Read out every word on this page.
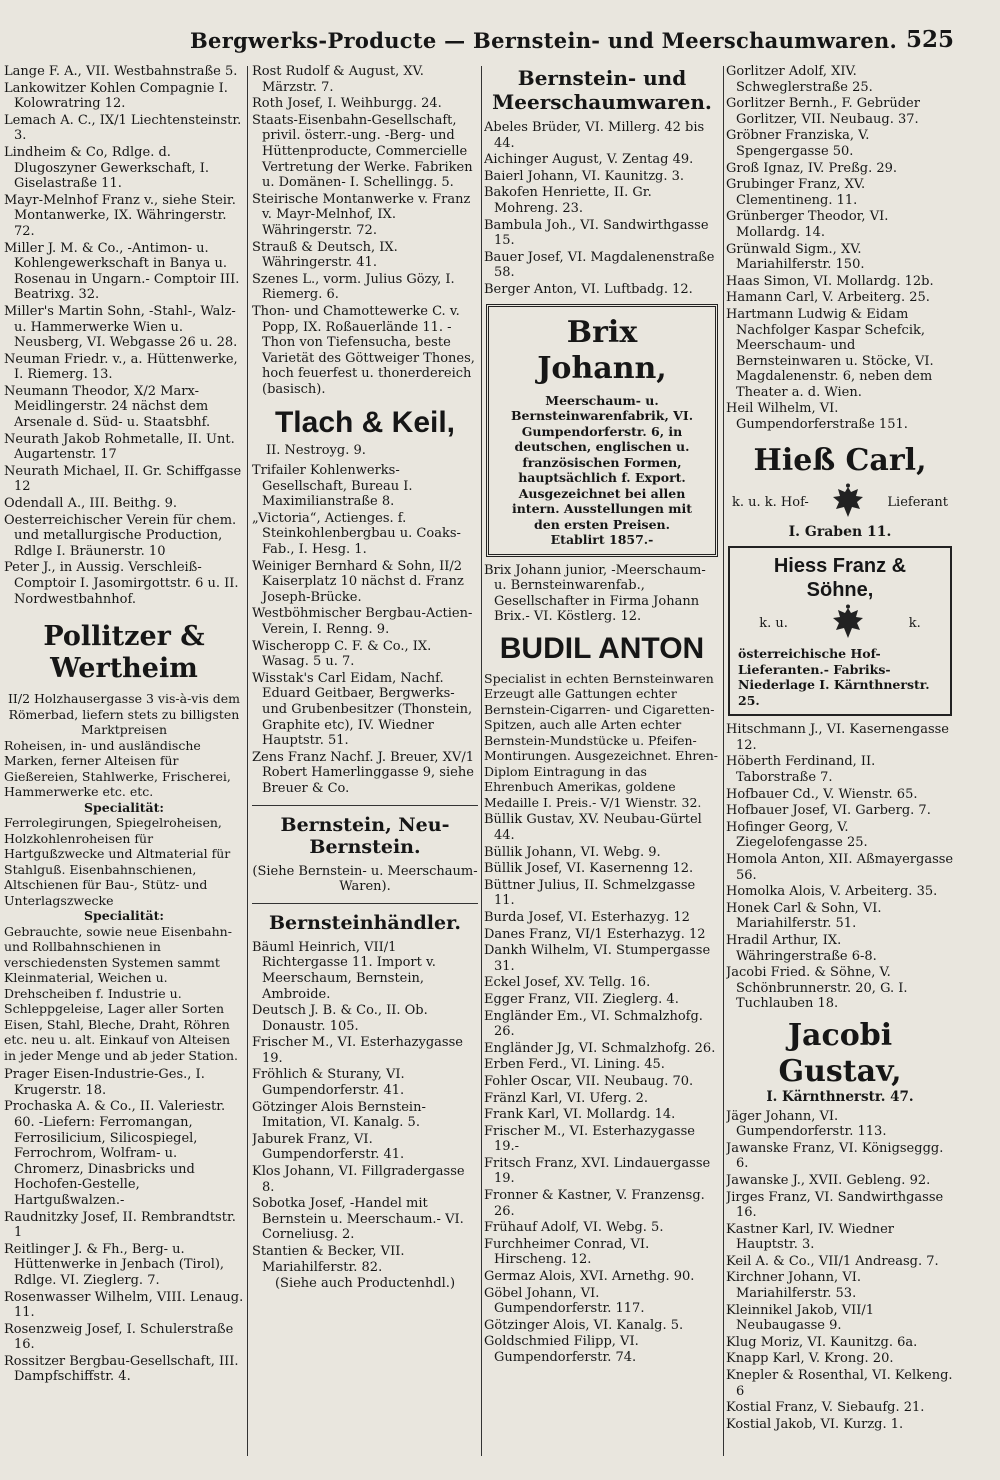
Bergwerks-Producte — Bernstein- und Meerschaumwaren. 525
Lange F. A., VII. Westbahnstraße 5.
Lankowitzer Kohlen Compagnie I. Kolowratring 12.
Lemach A. C., IX/1 Liechtensteinstr. 3.
Lindheim & Co, Rdlge. d. Dlugoszyner Gewerkschaft, I. Giselastraße 11.
Mayr-Melnhof Franz v., siehe Steir. Montanwerke, IX. Währingerstr. 72.
Miller J. M. & Co., -Antimon- u. Kohlengewerkschaft in Banya u. Rosenau in Ungarn.- Comptoir III. Beatrixg. 32.
Miller's Martin Sohn, -Stahl-, Walz- u. Hammerwerke Wien u. Neusberg, VI. Webgasse 26 u. 28.
Neuman Friedr. v., a. Hüttenwerke, I. Riemerg. 13.
Neumann Theodor, X/2 Marx-Meidlingerstr. 24 nächst dem Arsenale d. Süd- u. Staatsbhf.
Neurath Jakob Rohmetalle, II. Unt. Augartenstr. 17
Neurath Michael, II. Gr. Schiffgasse 12
Odendall A., III. Beithg. 9.
Oesterreichischer Verein für chem. und metallurgische Production, Rdlge I. Bräunerstr. 10
Peter J., in Aussig. Verschleiß-Comptoir I. Jasomirgottstr. 6 u. II. Nordwestbahnhof.
Pollitzer & Wertheim
II/2 Holzhausergasse 3 vis-à-vis dem Römerbad, liefern stets zu billigsten Marktpreisen
Roheisen, in- und ausländische Marken, ferner Alteisen für Gießereien, Stahlwerke, Frischerei, Hammerwerke etc. etc.
Specialität:
Ferrolegirungen, Spiegelroheisen, Holzkohlenroheisen für Hartgußzwecke und Altmaterial für Stahlguß. Eisenbahnschienen, Altschienen für Bau-, Stütz- und Unterlagszwecke
Specialität:
Gebrauchte, sowie neue Eisenbahn- und Rollbahnschienen in verschiedensten Systemen sammt Kleinmaterial, Weichen u. Drehscheiben f. Industrie u. Schleppgeleise, Lager aller Sorten Eisen, Stahl, Bleche, Draht, Röhren etc. neu u. alt. Einkauf von Alteisen in jeder Menge und ab jeder Station.
Prager Eisen-Industrie-Ges., I. Krugerstr. 18.
Prochaska A. & Co., II. Valeriestr. 60. -Liefern: Ferromangan, Ferrosilicium, Silicospiegel, Ferrochrom, Wolfram- u. Chromerz, Dinasbricks und Hochofen-Gestelle, Hartgußwalzen.-
Raudnitzky Josef, II. Rembrandtstr. 1
Reitlinger J. & Fh., Berg- u. Hüttenwerke in Jenbach (Tirol), Rdlge. VI. Zieglerg. 7.
Rosenwasser Wilhelm, VIII. Lenaug. 11.
Rosenzweig Josef, I. Schulerstraße 16.
Rossitzer Bergbau-Gesellschaft, III. Dampfschiffstr. 4.
Rost Rudolf & August, XV. Märzstr. 7.
Roth Josef, I. Weihburgg. 24.
Staats-Eisenbahn-Gesellschaft, privil. österr.-ung. -Berg- und Hüttenproducte, Commercielle Vertretung der Werke. Fabriken u. Domänen- I. Schellingg. 5.
Steirische Montanwerke v. Franz v. Mayr-Melnhof, IX. Währingerstr. 72.
Strauß & Deutsch, IX. Währingerstr. 41.
Szenes L., vorm. Julius Gözy, I. Riemerg. 6.
Thon- und Chamottewerke C. v. Popp, IX. Roßauerlände 11. -Thon von Tiefensucha, beste Varietät des Göttweiger Thones, hoch feuerfest u. thonerdereich (basisch).
Tlach & Keil,
II. Nestroyg. 9.
Trifailer Kohlenwerks-Gesellschaft, Bureau I. Maximilianstraße 8.
„Victoria“, Actienges. f. Steinkohlenbergbau u. Coaks-Fab., I. Hesg. 1.
Weiniger Bernhard & Sohn, II/2 Kaiserplatz 10 nächst d. Franz Joseph-Brücke.
Westböhmischer Bergbau-Actien-Verein, I. Renng. 9.
Wischeropp C. F. & Co., IX. Wasag. 5 u. 7.
Wisstak's Carl Eidam, Nachf. Eduard Geitbaer, Bergwerks- und Grubenbesitzer (Thonstein, Graphite etc), IV. Wiedner Hauptstr. 51.
Zens Franz Nachf. J. Breuer, XV/1 Robert Hamerlinggasse 9, siehe Breuer & Co.
Bernstein, Neu-Bernstein.
(Siehe Bernstein- u. Meerschaum-Waren).
Bernsteinhändler.
Bäuml Heinrich, VII/1 Richtergasse 11. Import v. Meerschaum, Bernstein, Ambroide.
Deutsch J. B. & Co., II. Ob. Donaustr. 105.
Frischer M., VI. Esterhazygasse 19.
Fröhlich & Sturany, VI. Gumpendorferstr. 41.
Götzinger Alois Bernstein-Imitation, VI. Kanalg. 5.
Jaburek Franz, VI. Gumpendorferstr. 41.
Klos Johann, VI. Fillgradergasse 8.
Sobotka Josef, -Handel mit Bernstein u. Meerschaum.- VI. Corneliusg. 2.
Stantien & Becker, VII. Mariahilferstr. 82.
(Siehe auch Productenhdl.)
Bernstein- und Meerschaumwaren.
Abeles Brüder, VI. Millerg. 42 bis 44.
Aichinger August, V. Zentag 49.
Baierl Johann, VI. Kaunitzg. 3.
Bakofen Henriette, II. Gr. Mohreng. 23.
Bambula Joh., VI. Sandwirthgasse 15.
Bauer Josef, VI. Magdalenenstraße 58.
Berger Anton, VI. Luftbadg. 12.
Brix Johann,
Meerschaum- u. Bernsteinwarenfabrik, VI. Gumpendorferstr. 6, in deutschen, englischen u. französischen Formen, hauptsächlich f. Export. Ausgezeichnet bei allen intern. Ausstellungen mit den ersten Preisen.
Etablirt 1857.-
Brix Johann junior, -Meerschaum- u. Bernsteinwarenfab., Gesellschafter in Firma Johann Brix.- VI. Köstlerg. 12.
BUDIL ANTON
Specialist in echten Bernsteinwaren Erzeugt alle Gattungen echter Bernstein-Cigarren- und Cigaretten-Spitzen, auch alle Arten echter Bernstein-Mundstücke u. Pfeifen-Montirungen. Ausgezeichnet. Ehren-Diplom Eintragung in das Ehrenbuch Amerikas, goldene Medaille I. Preis.- V/1 Wienstr. 32.
Büllik Gustav, XV. Neubau-Gürtel 44.
Büllik Johann, VI. Webg. 9.
Büllik Josef, VI. Kasernenng 12.
Büttner Julius, II. Schmelzgasse 11.
Burda Josef, VI. Esterhazyg. 12
Danes Franz, VI/1 Esterhazyg. 12
Dankh Wilhelm, VI. Stumpergasse 31.
Eckel Josef, XV. Tellg. 16.
Egger Franz, VII. Zieglerg. 4.
Engländer Em., VI. Schmalzhofg. 26.
Engländer Jg, VI. Schmalzhofg. 26.
Erben Ferd., VI. Lining. 45.
Fohler Oscar, VII. Neubaug. 70.
Fränzl Karl, VI. Uferg. 2.
Frank Karl, VI. Mollardg. 14.
Frischer M., VI. Esterhazygasse 19.-
Fritsch Franz, XVI. Lindauergasse 19.
Fronner & Kastner, V. Franzensg. 26.
Frühauf Adolf, VI. Webg. 5.
Furchheimer Conrad, VI. Hirscheng. 12.
Germaz Alois, XVI. Arnethg. 90.
Göbel Johann, VI. Gumpendorferstr. 117.
Götzinger Alois, VI. Kanalg. 5.
Goldschmied Filipp, VI. Gumpendorferstr. 74.
Gorlitzer Adolf, XIV. Schweglerstraße 25.
Gorlitzer Bernh., F. Gebrüder Gorlitzer, VII. Neubaug. 37.
Gröbner Franziska, V. Spengergasse 50.
Groß Ignaz, IV. Preßg. 29.
Grubinger Franz, XV. Clementineng. 11.
Grünberger Theodor, VI. Mollardg. 14.
Grünwald Sigm., XV. Mariahilferstr. 150.
Haas Simon, VI. Mollardg. 12b.
Hamann Carl, V. Arbeiterg. 25.
Hartmann Ludwig & Eidam Nachfolger Kaspar Schefcik, Meerschaum- und Bernsteinwaren u. Stöcke, VI. Magdalenenstr. 6, neben dem Theater a. d. Wien.
Heil Wilhelm, VI. Gumpendorferstraße 151.
Hieß Carl,
k. u. k. Hof-	Lieferant
I. Graben 11.
Hiess Franz & Söhne,
k. u.	k.
österreichische Hof-Lieferanten.- Fabriks-Niederlage I. Kärnthnerstr. 25.
Hitschmann J., VI. Kasernengasse 12.
Höberth Ferdinand, II. Taborstraße 7.
Hofbauer Cd., V. Wienstr. 65.
Hofbauer Josef, VI. Garberg. 7.
Hofinger Georg, V. Ziegelofengasse 25.
Homola Anton, XII. Aßmayergasse 56.
Homolka Alois, V. Arbeiterg. 35.
Honek Carl & Sohn, VI. Mariahilferstr. 51.
Hradil Arthur, IX. Währingerstraße 6-8.
Jacobi Fried. & Söhne, V. Schönbrunnerstr. 20, G. I. Tuchlauben 18.
Jacobi Gustav,
I. Kärnthnerstr. 47.
Jäger Johann, VI. Gumpendorferstr. 113.
Jawanske Franz, VI. Königseggg. 6.
Jawanske J., XVII. Gebleng. 92.
Jirges Franz, VI. Sandwirthgasse 16.
Kastner Karl, IV. Wiedner Hauptstr. 3.
Keil A. & Co., VII/1 Andreasg. 7.
Kirchner Johann, VI. Mariahilferstr. 53.
Kleinnikel Jakob, VII/1 Neubaugasse 9.
Klug Moriz, VI. Kaunitzg. 6a.
Knapp Karl, V. Krong. 20.
Knepler & Rosenthal, VI. Kelkeng. 6
Kostial Franz, V. Siebaufg. 21.
Kostial Jakob, VI. Kurzg. 1.
